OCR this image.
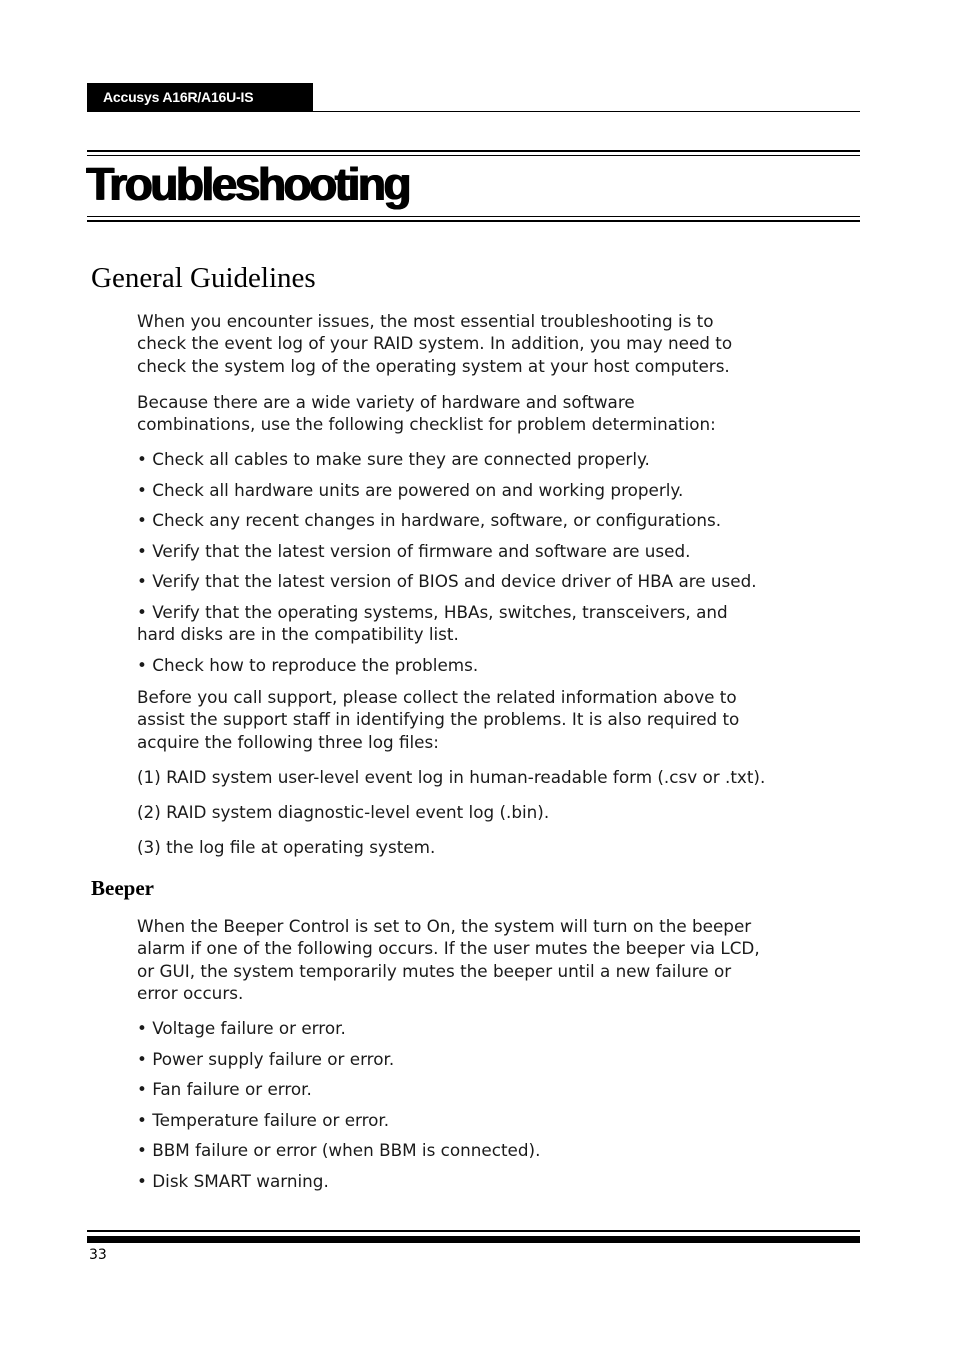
Accusys A16R/A16U-IS
Troubleshooting
General Guidelines
When you encounter issues, the most essential troubleshooting is to
check the event log of your RAID system. In addition, you may need to
check the system log of the operating system at your host computers.
Because there are a wide variety of hardware and software
combinations, use the following checklist for problem determination:
• Check all cables to make sure they are connected properly.
• Check all hardware units are powered on and working properly.
• Check any recent changes in hardware, software, or configurations.
• Verify that the latest version of firmware and software are used.
• Verify that the latest version of BIOS and device driver of HBA are used.
• Verify that the operating systems, HBAs, switches, transceivers, and
hard disks are in the compatibility list.
• Check how to reproduce the problems.
Before you call support, please collect the related information above to
assist the support staff in identifying the problems. It is also required to
acquire the following three log files:
(1) RAID system user-level event log in human-readable form (.csv or .txt).
(2) RAID system diagnostic-level event log (.bin).
(3) the log file at operating system.
Beeper
When the Beeper Control is set to On, the system will turn on the beeper
alarm if one of the following occurs. If the user mutes the beeper via LCD,
or GUI, the system temporarily mutes the beeper until a new failure or
error occurs.
• Voltage failure or error.
• Power supply failure or error.
• Fan failure or error.
• Temperature failure or error.
• BBM failure or error (when BBM is connected).
• Disk SMART warning.
33
